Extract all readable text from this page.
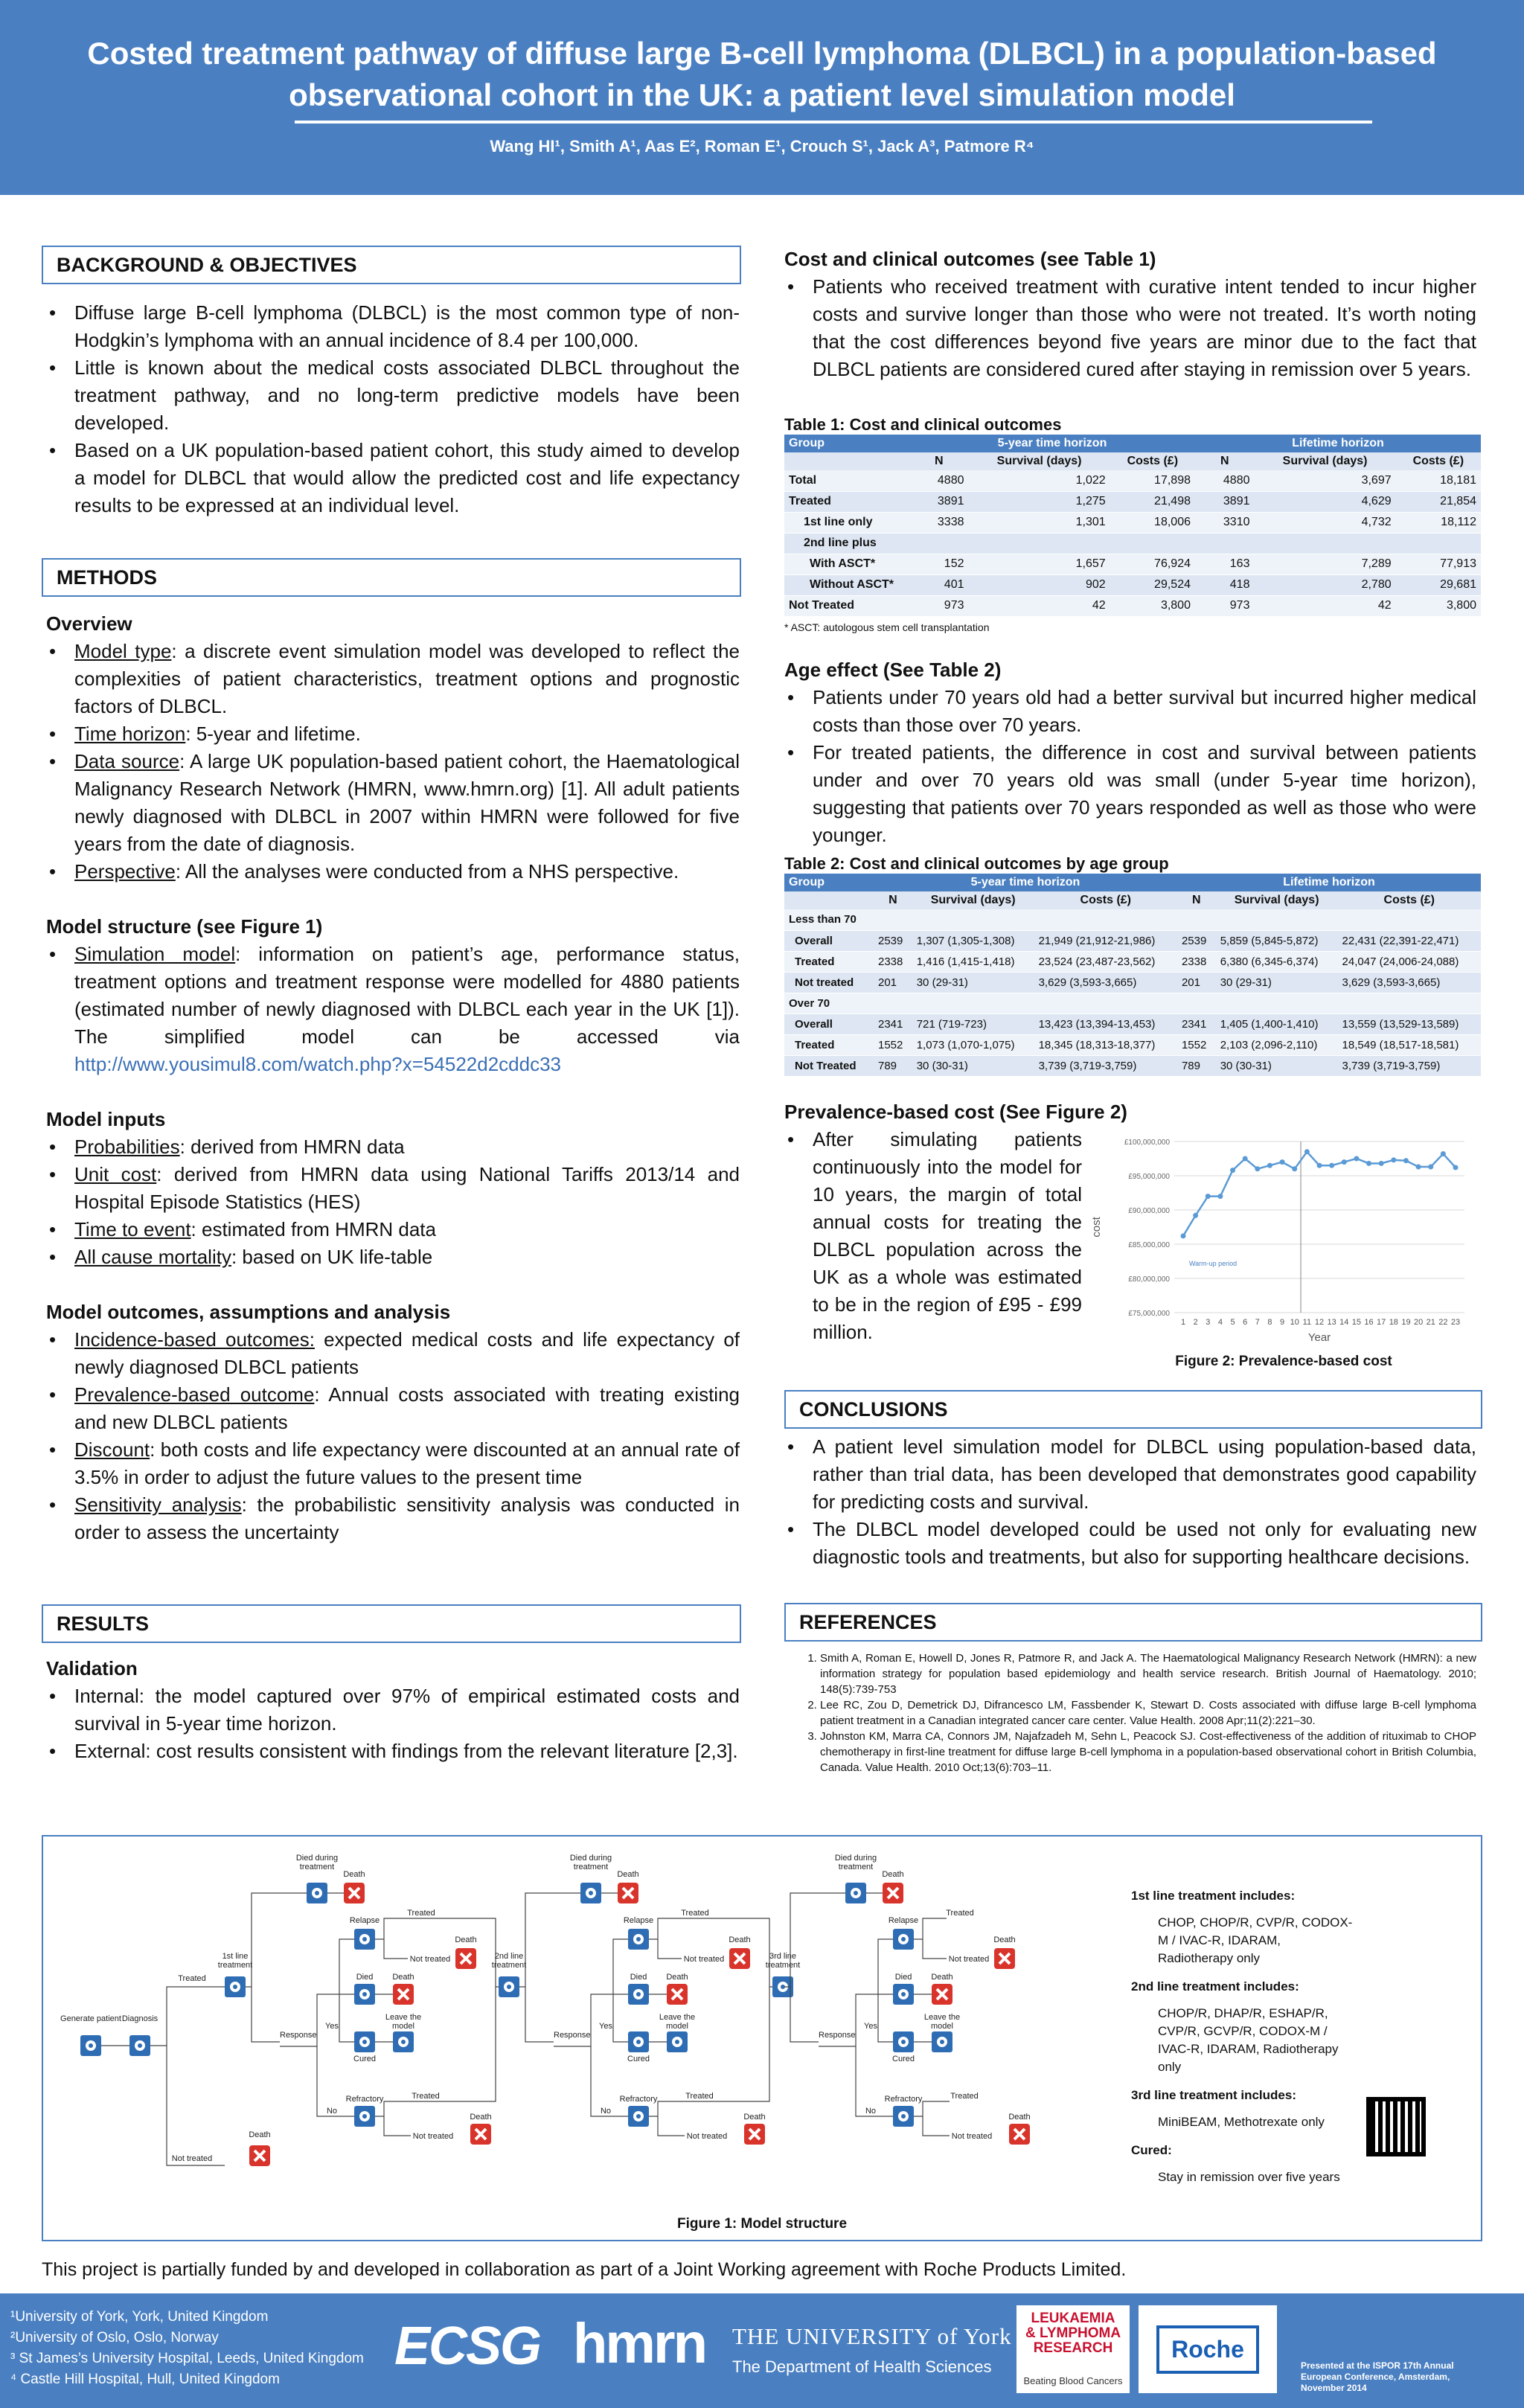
Costed treatment pathway of diffuse large B-cell lymphoma (DLBCL) in a population-based
observational cohort in the UK: a patient level simulation model
Wang HI¹, Smith A¹, Aas E², Roman E¹, Crouch S¹, Jack A³, Patmore R⁴
BACKGROUND & OBJECTIVES
• Diffuse large B-cell lymphoma (DLBCL) is the most common type of non-Hodgkin’s lymphoma with an annual incidence of 8.4 per 100,000.
• Little is known about the medical costs associated DLBCL throughout the treatment pathway, and no long-term predictive models have been developed.
• Based on a UK population-based patient cohort, this study aimed to develop a model for DLBCL that would allow the predicted cost and life expectancy results to be expressed at an individual level.
METHODS
Overview
• Model type: a discrete event simulation model was developed to reflect the complexities of patient characteristics, treatment options and prognostic factors of DLBCL.
• Time horizon: 5-year and lifetime.
• Data source: A large UK population-based patient cohort, the Haematological Malignancy Research Network (HMRN, www.hmrn.org) [1]. All adult patients newly diagnosed with DLBCL in 2007 within HMRN were followed for five years from the date of diagnosis.
• Perspective: All the analyses were conducted from a NHS perspective.
Model structure (see Figure 1)
• Simulation model: information on patient’s age, performance status, treatment options and treatment response were modelled for 4880 patients (estimated number of newly diagnosed with DLBCL each year in the UK [1]). The simplified model can be accessed via http://www.yousimul8.com/watch.php?x=54522d2cddc33
Model inputs
• Probabilities: derived from HMRN data
• Unit cost: derived from HMRN data using National Tariffs 2013/14 and Hospital Episode Statistics (HES)
• Time to event: estimated from HMRN data
• All cause mortality: based on UK life-table
Model outcomes, assumptions and analysis
• Incidence-based outcomes: expected medical costs and life expectancy of newly diagnosed DLBCL patients
• Prevalence-based outcome: Annual costs associated with treating existing and new DLBCL patients
• Discount: both costs and life expectancy were discounted at an annual rate of 3.5% in order to adjust the future values to the present time
• Sensitivity analysis: the probabilistic sensitivity analysis was conducted in order to assess the uncertainty
RESULTS
Validation
• Internal: the model captured over 97% of empirical estimated costs and survival in 5-year time horizon.
• External: cost results consistent with findings from the relevant literature [2,3].
Cost and clinical outcomes (see Table 1)
• Patients who received treatment with curative intent tended to incur higher costs and survive longer than those who were not treated. It’s worth noting that the cost differences beyond five years are minor due to the fact that DLBCL patients are considered cured after staying in remission over 5 years.
Table 1: Cost and clinical outcomes
Group	5-year time horizon			Lifetime horizon		
	N	Survival (days)	Costs (£)	N	Survival (days)	Costs (£)
Total	4880	1,022	17,898	4880	3,697	18,181
Treated	3891	1,275	21,498	3891	4,629	21,854
1st line only	3338	1,301	18,006	3310	4,732	18,112
2nd line plus						
With ASCT*	152	1,657	76,924	163	7,289	77,913
Without ASCT*	401	902	29,524	418	2,780	29,681
Not Treated	973	42	3,800	973	42	3,800
* ASCT: autologous stem cell transplantation
Age effect (See Table 2)
• Patients under 70 years old had a better survival but incurred higher medical costs than those over 70 years.
• For treated patients, the difference in cost and survival between patients under and over 70 years old was small (under 5-year time horizon), suggesting that patients over 70 years responded as well as those who were younger.
Table 2: Cost and clinical outcomes by age group
Group	5-year time horizon			Lifetime horizon		
	N	Survival (days)	Costs (£)	N	Survival (days)	Costs (£)
Less than 70						
Overall	2539	1,307 (1,305-1,308)	21,949 (21,912-21,986)	2539	5,859 (5,845-5,872)	22,431 (22,391-22,471)
Treated	2338	1,416 (1,415-1,418)	23,524 (23,487-23,562)	2338	6,380 (6,345-6,374)	24,047 (24,006-24,088)
Not treated	201	30 (29-31)	3,629 (3,593-3,665)	201	30 (29-31)	3,629 (3,593-3,665)
Over 70						
Overall	2341	721 (719-723)	13,423 (13,394-13,453)	2341	1,405 (1,400-1,410)	13,559 (13,529-13,589)
Treated	1552	1,073 (1,070-1,075)	18,345 (18,313-18,377)	1552	2,103 (2,096-2,110)	18,549 (18,517-18,581)
Not Treated	789	30 (30-31)	3,739 (3,719-3,759)	789	30 (30-31)	3,739 (3,719-3,759)
Prevalence-based cost (See Figure 2)
• After simulating patients continuously into the model for 10 years, the margin of total annual costs for treating the DLBCL population across the UK as a whole was estimated to be in the region of £95 - £99 million.
£75,000,000
£80,000,000
£85,000,000
£90,000,000
£95,000,000
£100,000,000
Warm-up period
1 2 3 4 5 6 7 8 9 10 11 12 13 14 15 16 17 18 19 20 21 22 23
Year
cost
Figure 2: Prevalence-based cost
CONCLUSIONS
• A patient level simulation model for DLBCL using population-based data, rather than trial data, has been developed that demonstrates good capability for predicting costs and survival.
• The DLBCL model developed could be used not only for evaluating new diagnostic tools and treatments, but also for supporting healthcare decisions.
REFERENCES
1. Smith A, Roman E, Howell D, Jones R, Patmore R, and Jack A. The Haematological Malignancy Research Network (HMRN): a new information strategy for population based epidemiology and health service research. British Journal of Haematology. 2010; 148(5):739-753
2. Lee RC, Zou D, Demetrick DJ, Difrancesco LM, Fassbender K, Stewart D. Costs associated with diffuse large B-cell lymphoma patient treatment in a Canadian integrated cancer care center. Value Health. 2008 Apr;11(2):221–30.
3. Johnston KM, Marra CA, Connors JM, Najafzadeh M, Sehn L, Peacock SJ. Cost-effectiveness of the addition of rituximab to CHOP chemotherapy in first-line treatment for diffuse large B-cell lymphoma in a population-based observational cohort in British Columbia, Canada. Value Health. 2010 Oct;13(6):703–11.
Generate patient Diagnosis
Treated
Not treated
Death
1st line
treatment
Died during
treatment
Death
Response
Yes
No
Relapse
Died
Cured
Death
Leave the
model
Refractory
Treated
Not treated
Death
Treated
Not treated
Death
2nd line
treatment
Died during
treatment
Death
Response
Yes
No
Relapse
Died
Cured
Death
Leave the
model
Refractory
Treated
Not treated
Death
Treated
Not treated
Death
3rd line
treatment
Died during
treatment
Death
Response
Yes
No
Relapse
Died
Cured
Death
Leave the
model
Refractory
Treated
Not treated
Death
Treated
Not treated
Death
1st line treatment includes:
CHOP, CHOP/R, CVP/R, CODOX-M / IVAC-R, IDARAM, Radiotherapy only
2nd line treatment includes:
CHOP/R, DHAP/R, ESHAP/R, CVP/R, GCVP/R, CODOX-M / IVAC-R, IDARAM, Radiotherapy only
3rd line treatment includes:
MiniBEAM, Methotrexate only
Cured:
Stay in remission over five years
Figure 1: Model structure
This project is partially funded by and developed in collaboration as part of a Joint Working agreement with Roche Products Limited.
¹University of York, York, United Kingdom
²University of Oslo, Oslo, Norway
³ St James’s University Hospital, Leeds, United Kingdom
⁴ Castle Hill Hospital, Hull, United Kingdom
ECSG hmrn	THE UNIVERSITY of York
The Department of Health Sciences
LEUKAEMIA
& LYMPHOMA
RESEARCH
Beating Blood Cancers
Roche
Presented at the ISPOR 17th Annual European Conference, Amsterdam, November 2014
